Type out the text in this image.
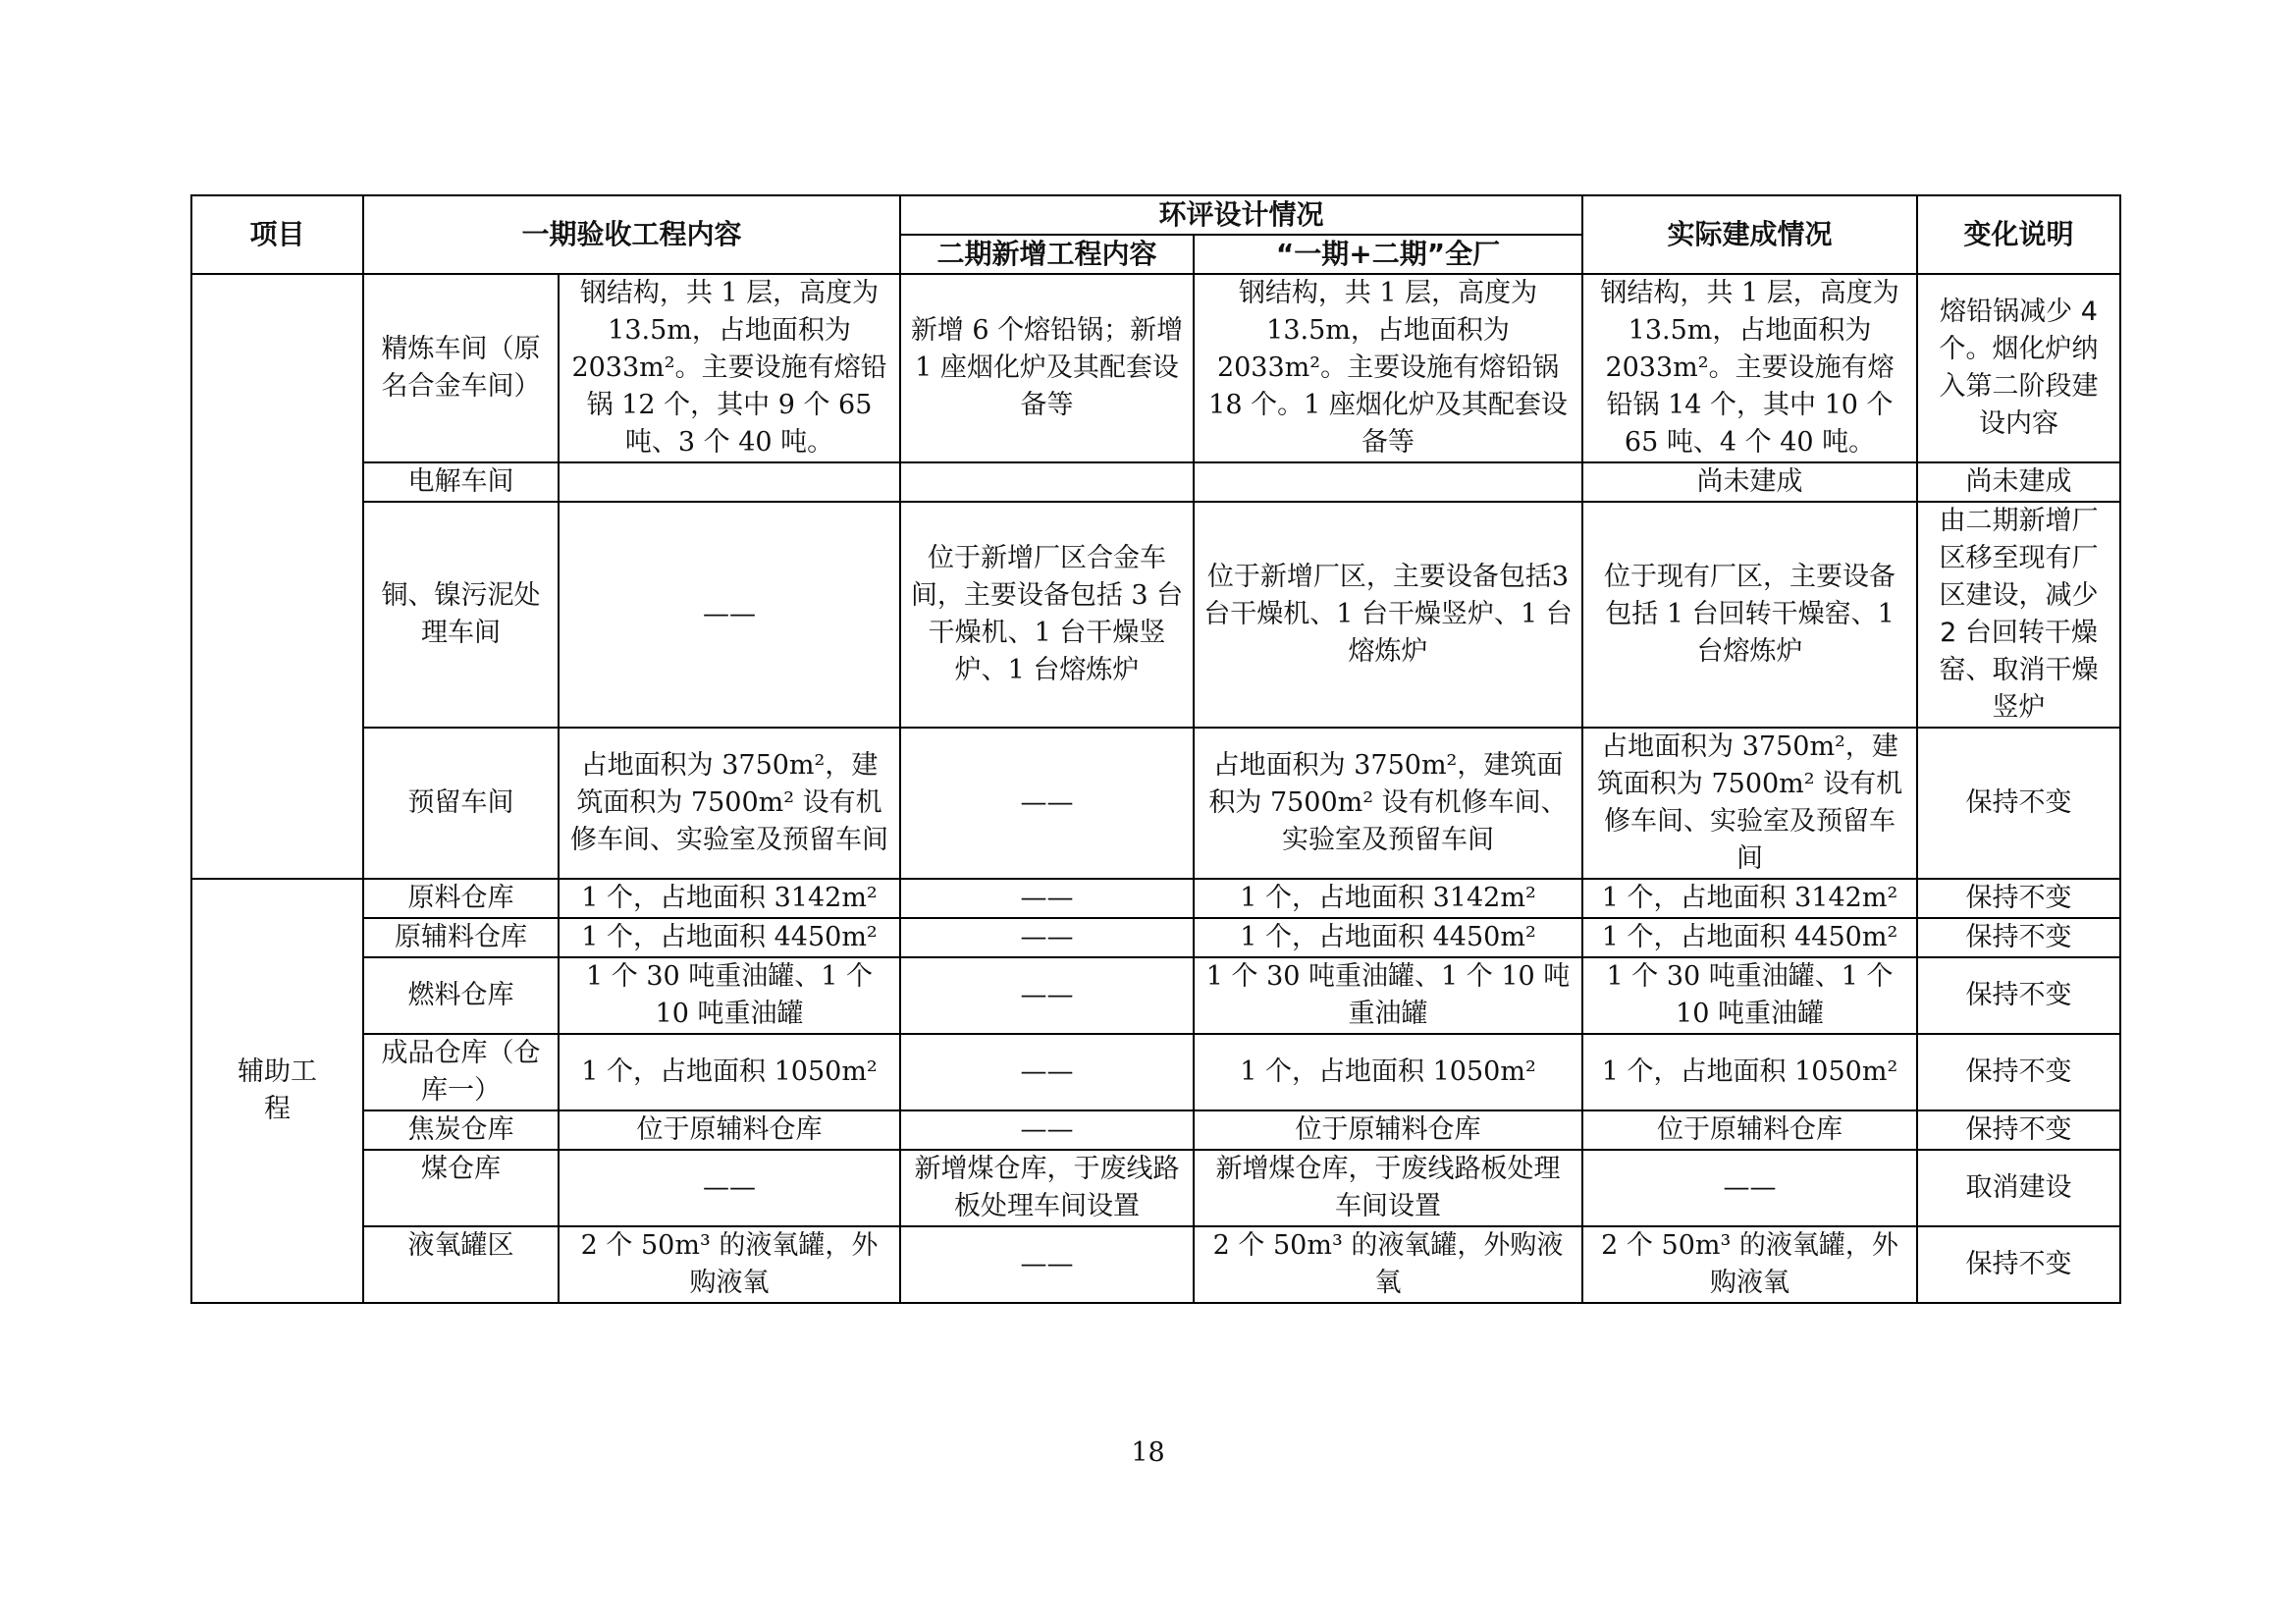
项目	一期验收工程内容		环评设计情况		实际建成情况	变化说明
			二期新增工程内容	“一期+二期”全厂		
	精炼车间（原名合金车间）	钢结构，共 1 层，高度为 13.5m，占地面积为 2033m²。主要设施有熔铅锅 12 个，其中 9 个 65 吨、3 个 40 吨。	新增 6 个熔铅锅；新增 1 座烟化炉及其配套设备等	钢结构，共 1 层，高度为 13.5m，占地面积为 2033m²。主要设施有熔铅锅 18 个。1 座烟化炉及其配套设备等	钢结构，共 1 层，高度为 13.5m，占地面积为 2033m²。主要设施有熔铅锅 14 个，其中 10 个 65 吨、4 个 40 吨。	熔铅锅减少 4 个。烟化炉纳入第二阶段建设内容
	电解车间				尚未建成	尚未建成
	铜、镍污泥处理车间	——	位于新增厂区合金车间，主要设备包括 3 台干燥机、1 台干燥竖炉、1 台熔炼炉	位于新增厂区，主要设备包括3 台干燥机、1 台干燥竖炉、1 台熔炼炉	位于现有厂区，主要设备包括 1 台回转干燥窑、1 台熔炼炉	由二期新增厂区移至现有厂区建设，减少 2 台回转干燥窑、取消干燥竖炉
	预留车间	占地面积为 3750m²，建筑面积为 7500m² 设有机修车间、实验室及预留车间	——	占地面积为 3750m²，建筑面积为 7500m² 设有机修车间、实验室及预留车间	占地面积为 3750m²，建筑面积为 7500m² 设有机修车间、实验室及预留车间	保持不变
辅助工程	原料仓库	1 个，占地面积 3142m²	——	1 个，占地面积 3142m²	1 个，占地面积 3142m²	保持不变
	原辅料仓库	1 个，占地面积 4450m²	——	1 个，占地面积 4450m²	1 个，占地面积 4450m²	保持不变
	燃料仓库	1 个 30 吨重油罐、1 个 10 吨重油罐	——	1 个 30 吨重油罐、1 个 10 吨重油罐	1 个 30 吨重油罐、1 个 10 吨重油罐	保持不变
	成品仓库（仓库一）	1 个，占地面积 1050m²	——	1 个，占地面积 1050m²	1 个，占地面积 1050m²	保持不变
	焦炭仓库	位于原辅料仓库	——	位于原辅料仓库	位于原辅料仓库	保持不变
	煤仓库	——	新增煤仓库，于废线路板处理车间设置	新增煤仓库，于废线路板处理车间设置	——	取消建设
	液氧罐区	2 个 50m³ 的液氧罐，外购液氧	——	2 个 50m³ 的液氧罐，外购液氧	2 个 50m³ 的液氧罐，外购液氧	保持不变
18
